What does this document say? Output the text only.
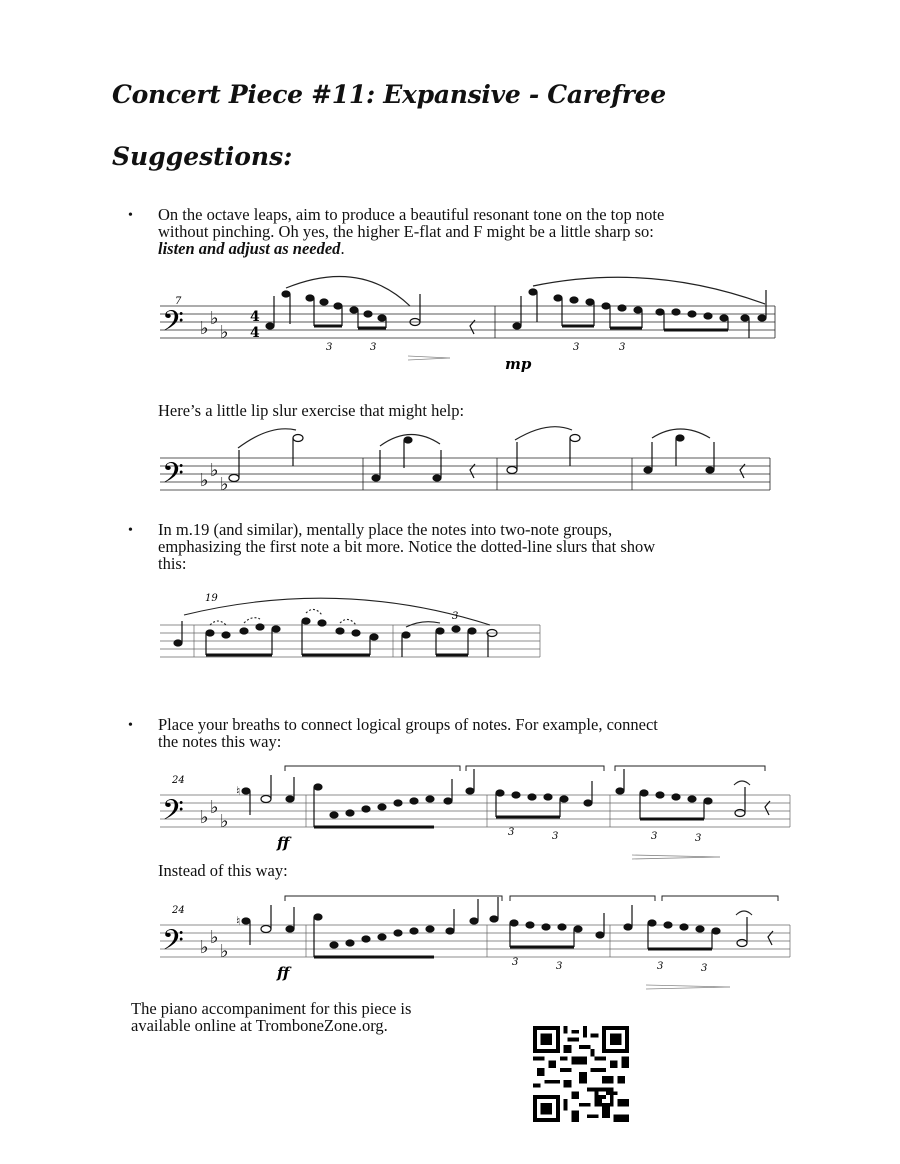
Concert Piece #11: Expansive - Carefree
Suggestions:
• On the octave leaps, aim to produce a beautiful resonant tone on the top note
without pinching. Oh yes, the higher E-flat and F might be a little sharp so:
listen and adjust as needed.
7
𝄢 ♭ ♭
♭
4
4
mp
3	3	3	3
Here’s a little lip slur exercise that might help:
𝄢 ♭ ♭
♭
• In m.19 (and similar), mentally place the notes into two-note groups,
emphasizing the first note a bit more. Notice the dotted-line slurs that show
this:
19
3
• Place your breaths to connect logical groups of notes. For example, connect
the notes this way:
24
𝄢 ♭ ♭
♭
♮
ff
3	3	3	3
Instead of this way:
24
𝄢 ♭ ♭
♭
♮
ff
3	3	3	3
The piano accompaniment for this piece is
available online at TromboneZone.org.
